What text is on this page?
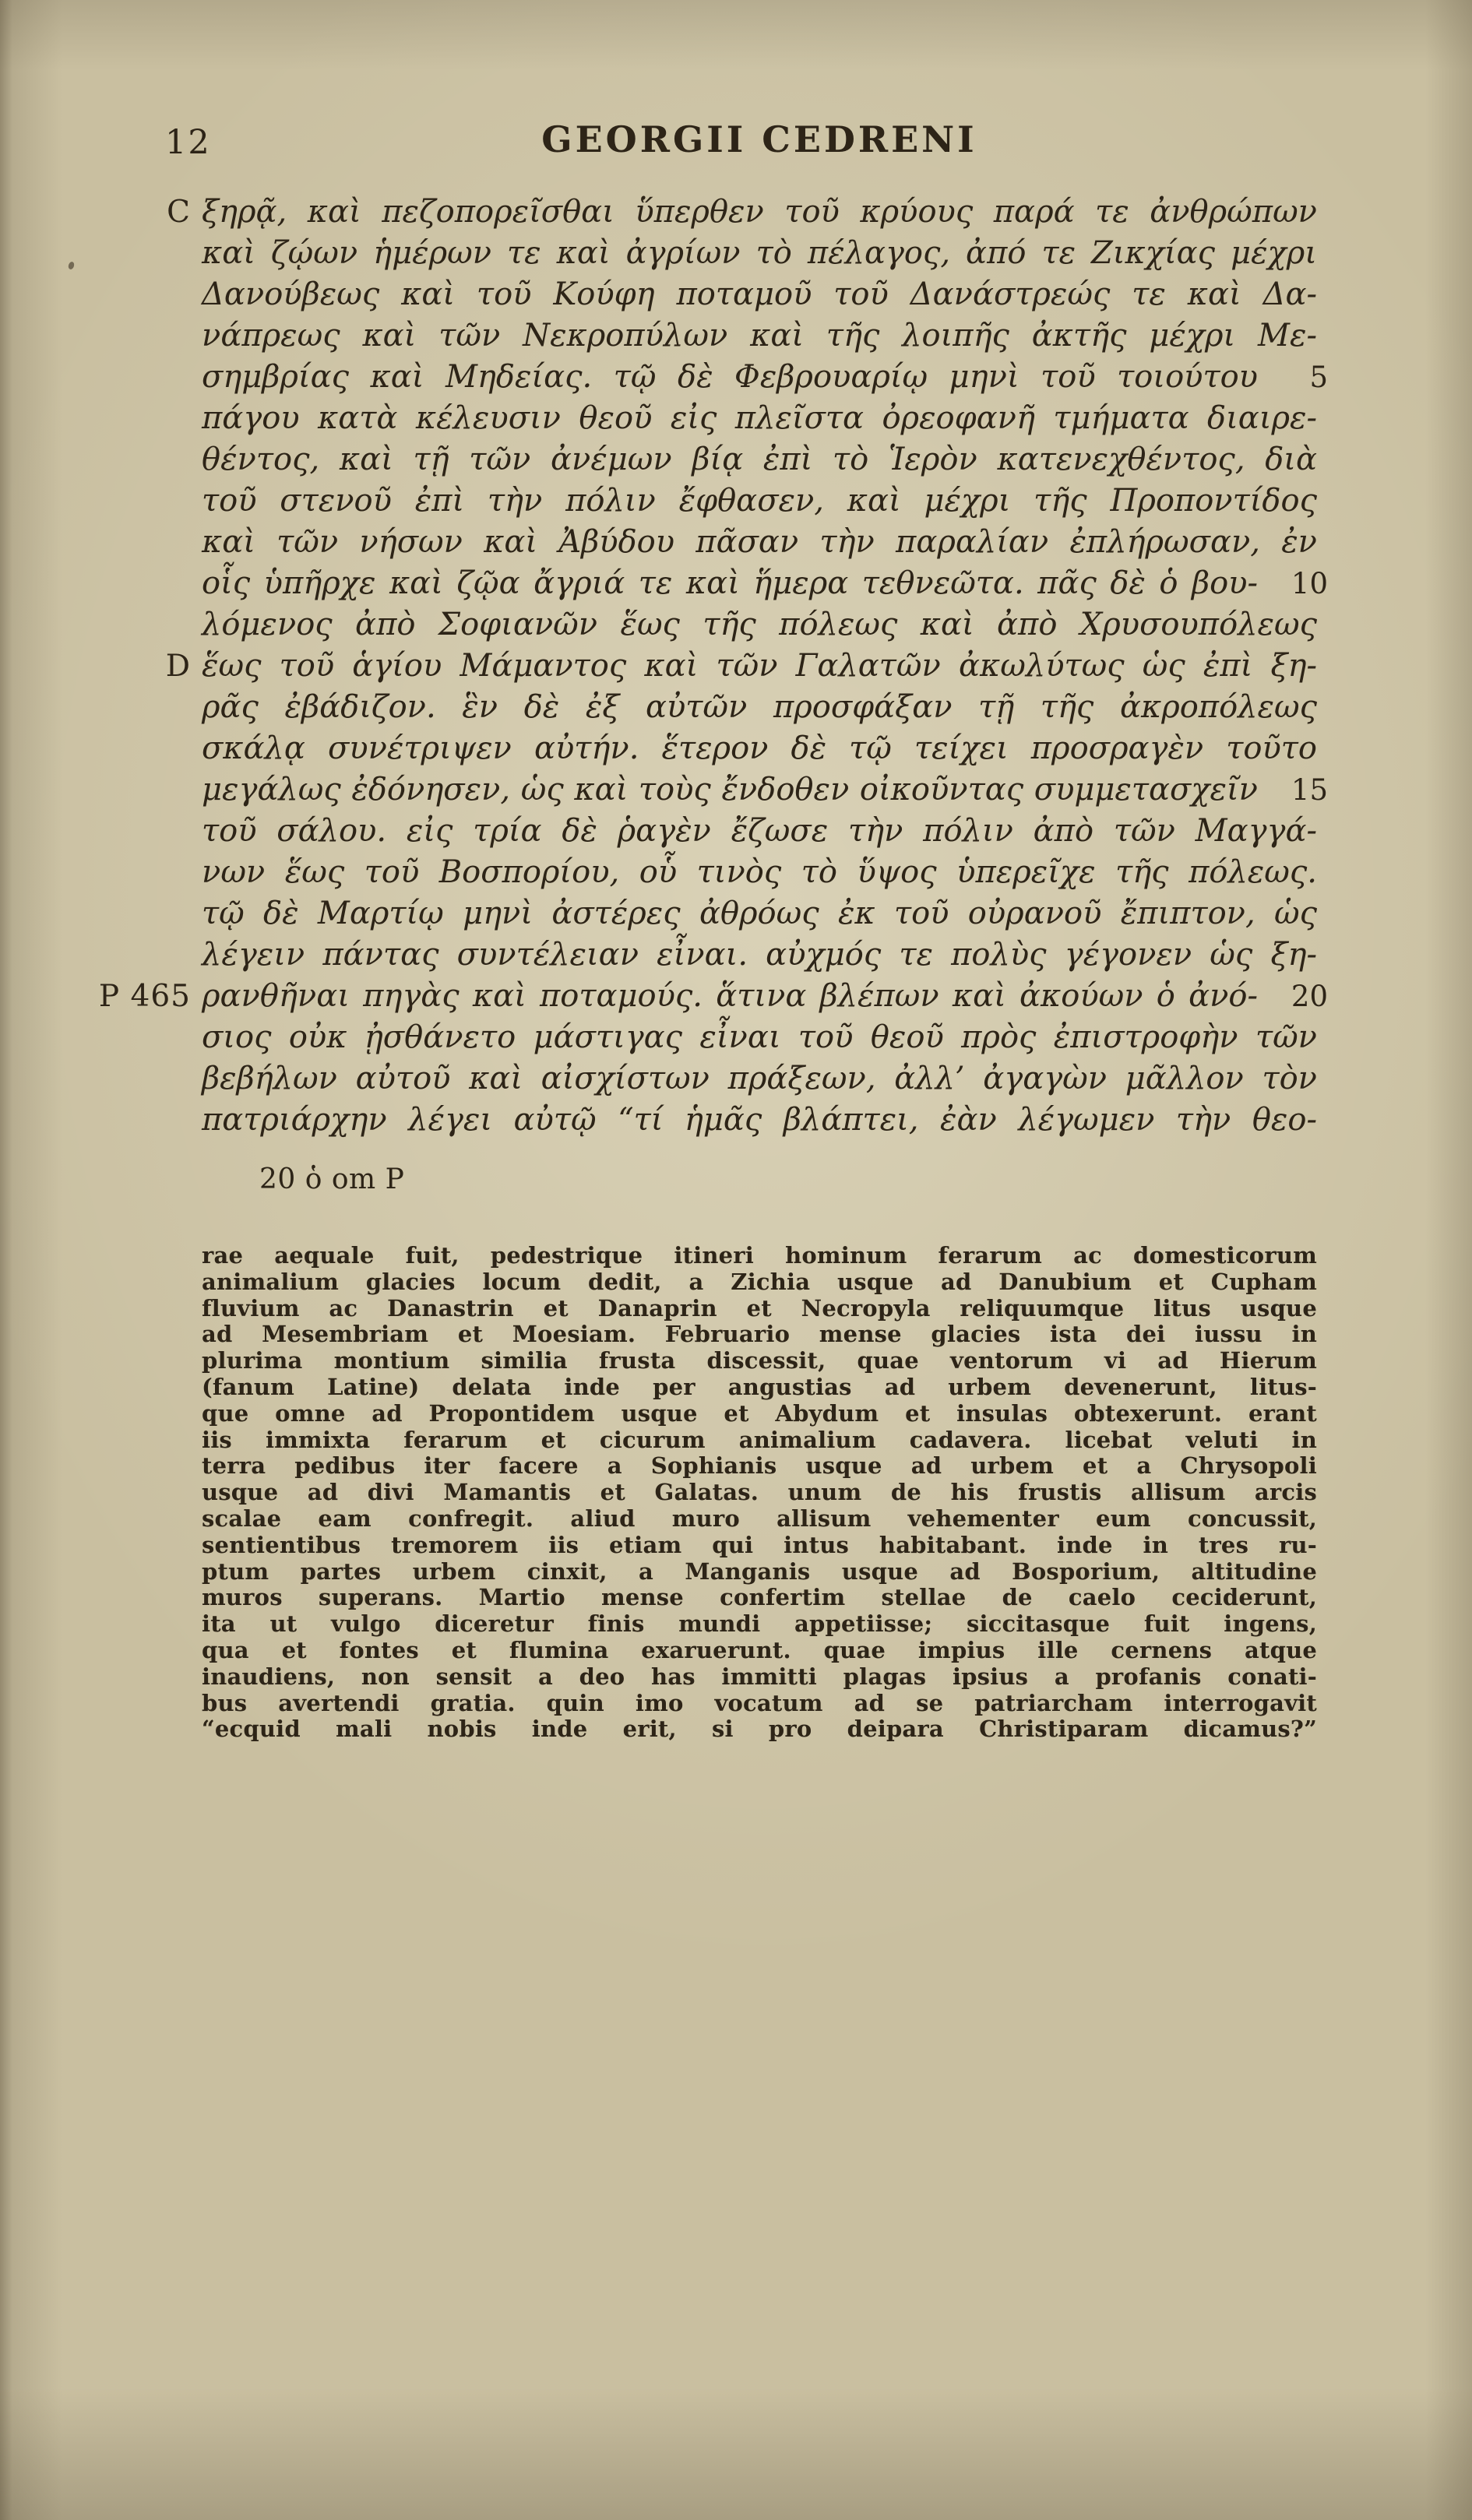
12	GEORGII CEDRENI
C ξηρᾷ, καὶ πεζοπορεῖσθαι ὕπερθεν τοῦ κρύους παρά τε ἀνθρώπων
καὶ ζῴων ἡμέρων τε καὶ ἀγρίων τὸ πέλαγος, ἀπό τε Ζικχίας μέχρι
Δανούβεως καὶ τοῦ Κούφη ποταμοῦ τοῦ Δανάστρεώς τε καὶ Δα-
νάπρεως καὶ τῶν Νεκροπύλων καὶ τῆς λοιπῆς ἀκτῆς μέχρι Με-
σημβρίας καὶ Μηδείας. τῷ δὲ Φεβρουαρίῳ μηνὶ τοῦ τοιούτου	5
πάγου κατὰ κέλευσιν θεοῦ εἰς πλεῖστα ὀρεοφανῆ τμήματα διαιρε-
θέντος, καὶ τῇ τῶν ἀνέμων βίᾳ ἐπὶ τὸ Ἱερὸν κατενεχθέντος, διὰ
τοῦ στενοῦ ἐπὶ τὴν πόλιν ἔφθασεν, καὶ μέχρι τῆς Προποντίδος
καὶ τῶν νήσων καὶ Ἀβύδου πᾶσαν τὴν παραλίαν ἐπλήρωσαν, ἐν
οἷς ὑπῆρχε καὶ ζῷα ἄγριά τε καὶ ἥμερα τεθνεῶτα. πᾶς δὲ ὁ βου-	10
λόμενος ἀπὸ Σοφιανῶν ἕως τῆς πόλεως καὶ ἀπὸ Χρυσουπόλεως
D ἕως τοῦ ἁγίου Μάμαντος καὶ τῶν Γαλατῶν ἀκωλύτως ὡς ἐπὶ ξη-
ρᾶς ἐβάδιζον. ἓν δὲ ἐξ αὐτῶν προσφάξαν τῇ τῆς ἀκροπόλεως
σκάλᾳ συνέτριψεν αὐτήν. ἕτερον δὲ τῷ τείχει προσραγὲν τοῦτο
μεγάλως ἐδόνησεν, ὡς καὶ τοὺς ἔνδοθεν οἰκοῦντας συμμετασχεῖν	15
τοῦ σάλου. εἰς τρία δὲ ῥαγὲν ἔζωσε τὴν πόλιν ἀπὸ τῶν Μαγγά-
νων ἕως τοῦ Βοσπορίου, οὗ τινὸς τὸ ὕψος ὑπερεῖχε τῆς πόλεως.
τῷ δὲ Μαρτίῳ μηνὶ ἀστέρες ἀθρόως ἐκ τοῦ οὐρανοῦ ἔπιπτον, ὡς
λέγειν πάντας συντέλειαν εἶναι. αὐχμός τε πολὺς γέγονεν ὡς ξη-
P 465 ρανθῆναι πηγὰς καὶ ποταμούς. ἅτινα βλέπων καὶ ἀκούων ὁ ἀνό-	20
σιος οὐκ ᾐσθάνετο μάστιγας εἶναι τοῦ θεοῦ πρὸς ἐπιστροφὴν τῶν
βεβήλων αὐτοῦ καὶ αἰσχίστων πράξεων, ἀλλ’ ἀγαγὼν μᾶλλον τὸν
πατριάρχην λέγει αὐτῷ “τί ἡμᾶς βλάπτει, ἐὰν λέγωμεν τὴν θεο-
20 ὁ om P
rae aequale fuit, pedestrique itineri hominum ferarum ac domesticorum
animalium glacies locum dedit, a Zichia usque ad Danubium et Cupham
fluvium ac Danastrin et Danaprin et Necropyla reliquumque litus usque
ad Mesembriam et Moesiam. Februario mense glacies ista dei iussu in
plurima montium similia frusta discessit, quae ventorum vi ad Hierum
(fanum Latine) delata inde per angustias ad urbem devenerunt, litus-
que omne ad Propontidem usque et Abydum et insulas obtexerunt. erant
iis immixta ferarum et cicurum animalium cadavera. licebat veluti in
terra pedibus iter facere a Sophianis usque ad urbem et a Chrysopoli
usque ad divi Mamantis et Galatas. unum de his frustis allisum arcis
scalae eam confregit. aliud muro allisum vehementer eum concussit,
sentientibus tremorem iis etiam qui intus habitabant. inde in tres ru-
ptum partes urbem cinxit, a Manganis usque ad Bosporium, altitudine
muros superans. Martio mense confertim stellae de caelo ceciderunt,
ita ut vulgo diceretur finis mundi appetiisse; siccitasque fuit ingens,
qua et fontes et flumina exaruerunt. quae impius ille cernens atque
inaudiens, non sensit a deo has immitti plagas ipsius a profanis conati-
bus avertendi gratia. quin imo vocatum ad se patriarcham interrogavit
“ecquid mali nobis inde erit, si pro deipara Christiparam dicamus?”
